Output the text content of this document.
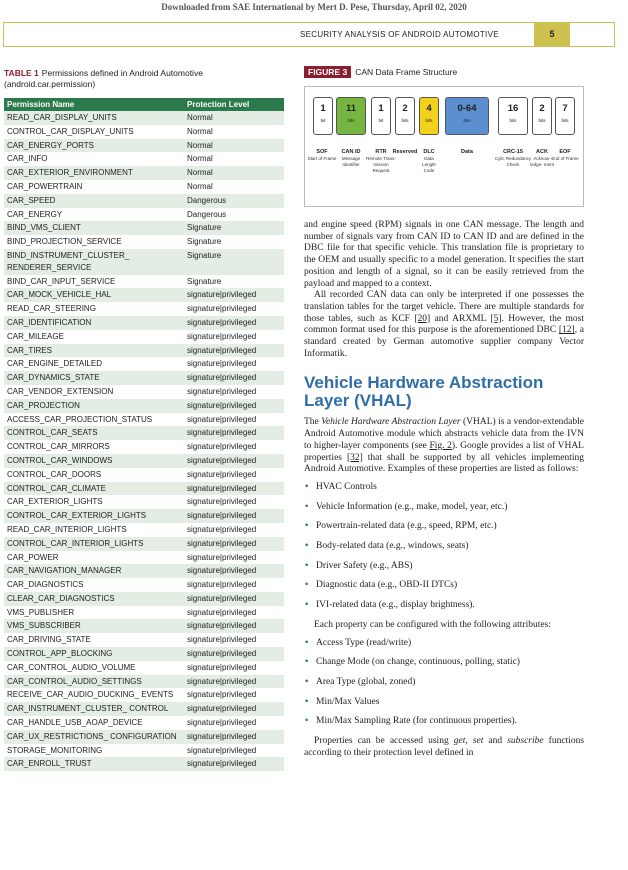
Downloaded from SAE International by Mert D. Pese, Thursday, April 02, 2020
SECURITY ANALYSIS OF ANDROID AUTOMOTIVE	5
TABLE 1 Permissions defined in Android Automotive (android.car.permission)
Permission Name	Protection Level
READ_CAR_DISPLAY_UNITS	Normal
CONTROL_CAR_DISPLAY_UNITS	Normal
CAR_ENERGY_PORTS	Normal
CAR_INFO	Normal
CAR_EXTERIOR_ENVIRONMENT	Normal
CAR_POWERTRAIN	Normal
CAR_SPEED	Dangerous
CAR_ENERGY	Dangerous
BIND_VMS_CLIENT	Signature
BIND_PROJECTION_SERVICE	Signature
BIND_INSTRUMENT_CLUSTER_ RENDERER_SERVICE	Signature
BIND_CAR_INPUT_SERVICE	Signature
CAR_MOCK_VEHICLE_HAL	signature|privileged
READ_CAR_STEERING	signature|privileged
CAR_IDENTIFICATION	signature|privileged
CAR_MILEAGE	signature|privileged
CAR_TIRES	signature|privileged
CAR_ENGINE_DETAILED	signature|privileged
CAR_DYNAMICS_STATE	signature|privileged
CAR_VENDOR_EXTENSION	signature|privileged
CAR_PROJECTION	signature|privileged
ACCESS_CAR_PROJECTION_STATUS	signature|privileged
CONTROL_CAR_SEATS	signature|privileged
CONTROL_CAR_MIRRORS	signature|privileged
CONTROL_CAR_WINDOWS	signature|privileged
CONTROL_CAR_DOORS	signature|privileged
CONTROL_CAR_CLIMATE	signature|privileged
CAR_EXTERIOR_LIGHTS	signature|privileged
CONTROL_CAR_EXTERIOR_LIGHTS	signature|privileged
READ_CAR_INTERIOR_LIGHTS	signature|privileged
CONTROL_CAR_INTERIOR_LIGHTS	signature|privileged
CAR_POWER	signature|privileged
CAR_NAVIGATION_MANAGER	signature|privileged
CAR_DIAGNOSTICS	signature|privileged
CLEAR_CAR_DIAGNOSTICS	signature|privileged
VMS_PUBLISHER	signature|privileged
VMS_SUBSCRIBER	signature|privileged
CAR_DRIVING_STATE	signature|privileged
CONTROL_APP_BLOCKING	signature|privileged
CAR_CONTROL_AUDIO_VOLUME	signature|privileged
CAR_CONTROL_AUDIO_SETTINGS	signature|privileged
RECEIVE_CAR_AUDIO_DUCKING_ EVENTS	signature|privileged
CAR_INSTRUMENT_CLUSTER_ CONTROL	signature|privileged
CAR_HANDLE_USB_AOAP_DEVICE	signature|privileged
CAR_UX_RESTRICTIONS_ CONFIGURATION	signature|privileged
STORAGE_MONITORING	signature|privileged
CAR_ENROLL_TRUST	signature|privileged
FIGURE 3 CAN Data Frame Structure
1
bit
SOF
Start of Frame
11
bits
CAN ID
Message Identifier
1
bit
RTR
Remote Trans- mission Request
2
bits
Reserved
4
bits
DLC
Data Length Code
0-64
bits
Data
16
bits
CRC-15
Cylic Redundancy Check
2
bits
ACK
Acknow- ledge- ment
7
bits
EOF
End of Frame

and engine speed (RPM) signals in one CAN message. The length and number of signals vary from CAN ID to CAN ID and are defined in the DBC file for that specific vehicle. This translation file is proprietary to the OEM and usually specific to a model generation. It specifies the start position and length of a signal, so it can be easily retrieved from the payload and mapped to a context.

All recorded CAN data can only be interpreted if one possesses the translation tables for the target vehicle. There are multiple standards for those tables, such as KCF [20] and ARXML [5]. However, the most common format used for this purpose is the aforementioned DBC [12], a standard created by German automotive supplier company Vector Informatik.

Vehicle Hardware Abstraction Layer (VHAL)

The Vehicle Hardware Abstraction Layer (VHAL) is a vendor-extendable Android Automotive module which abstracts vehicle data from the IVN to higher-layer components (see Fig. 2). Google provides a list of VHAL properties [32] that shall be supported by all vehicles implementing Android Automotive. Examples of these properties are listed as follows:

• HVAC Controls
• Vehicle Information (e.g., make, model, year, etc.)
• Powertrain-related data (e.g., speed, RPM, etc.)
• Body-related data (e.g., windows, seats)
• Driver Safety (e.g., ABS)
• Diagnostic data (e.g., OBD-II DTCs)
• IVI-related data (e.g., display brightness).

Each property can be configured with the following attributes:

• Access Type (read/write)
• Change Mode (on change, continuous, polling, static)
• Area Type (global, zoned)
• Min/Max Values
• Min/Max Sampling Rate (for continuous properties).

Properties can be accessed using get, set and subscribe functions according to their protection level defined in
